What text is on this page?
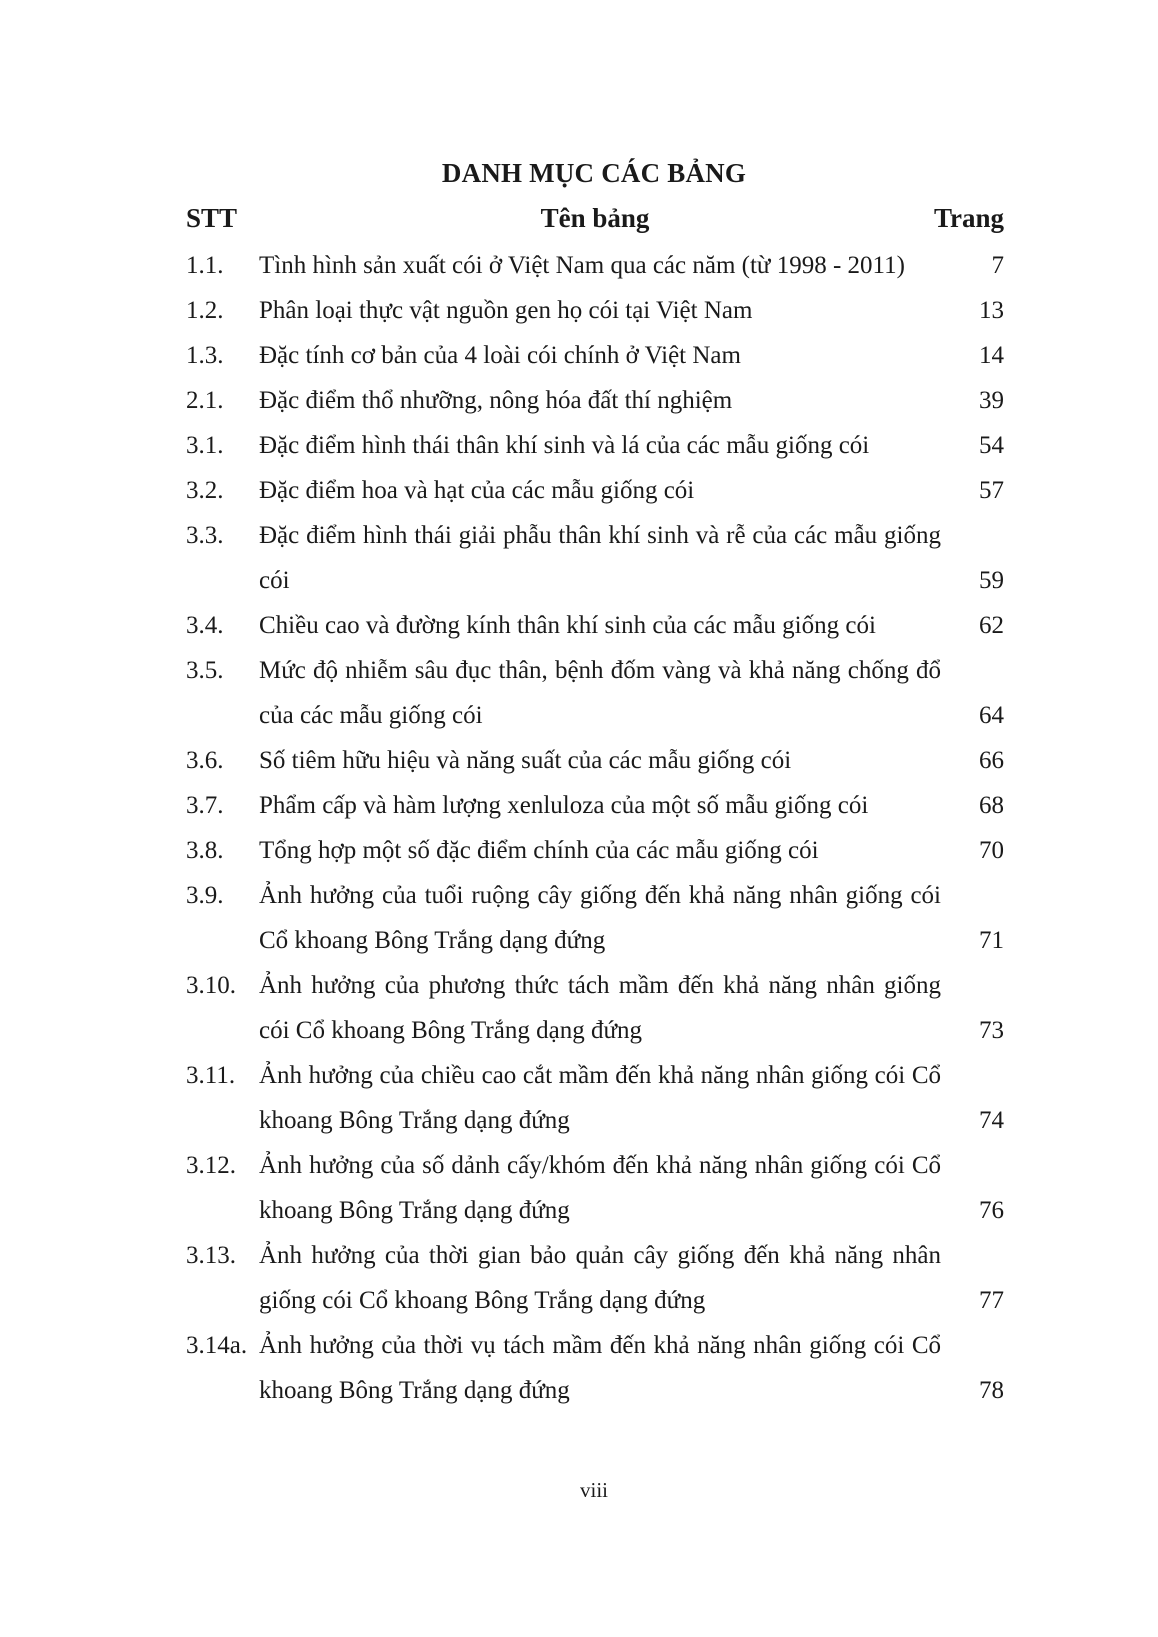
DANH MỤC CÁC BẢNG
STT	Tên bảng	Trang
1.1. Tình hình sản xuất cói ở Việt Nam qua các năm (từ 1998 - 2011)	7
1.2. Phân loại thực vật nguồn gen họ cói tại Việt Nam	13
1.3. Đặc tính cơ bản của 4 loài cói chính ở Việt Nam	14
2.1. Đặc điểm thổ nhưỡng, nông hóa đất thí nghiệm	39
3.1. Đặc điểm hình thái thân khí sinh và lá của các mẫu giống cói	54
3.2. Đặc điểm hoa và hạt của các mẫu giống cói	57
3.3. Đặc điểm hình thái giải phẫu thân khí sinh và rễ của các mẫu giống cói	59
3.4. Chiều cao và đường kính thân khí sinh của các mẫu giống cói	62
3.5. Mức độ nhiễm sâu đục thân, bệnh đốm vàng và khả năng chống đổ của các mẫu giống cói	64
3.6. Số tiêm hữu hiệu và năng suất của các mẫu giống cói	66
3.7. Phẩm cấp và hàm lượng xenluloza của một số mẫu giống cói	68
3.8. Tổng hợp một số đặc điểm chính của các mẫu giống cói	70
3.9. Ảnh hưởng của tuổi ruộng cây giống đến khả năng nhân giống cói Cổ khoang Bông Trắng dạng đứng	71
3.10. Ảnh hưởng của phương thức tách mầm đến khả năng nhân giống cói Cổ khoang Bông Trắng dạng đứng	73
3.11. Ảnh hưởng của chiều cao cắt mầm đến khả năng nhân giống cói Cổ khoang Bông Trắng dạng đứng	74
3.12. Ảnh hưởng của số dảnh cấy/khóm đến khả năng nhân giống cói Cổ khoang Bông Trắng dạng đứng	76
3.13. Ảnh hưởng của thời gian bảo quản cây giống đến khả năng nhân giống cói Cổ khoang Bông Trắng dạng đứng	77
3.14a. Ảnh hưởng của thời vụ tách mầm đến khả năng nhân giống cói Cổ khoang Bông Trắng dạng đứng	78
viii
